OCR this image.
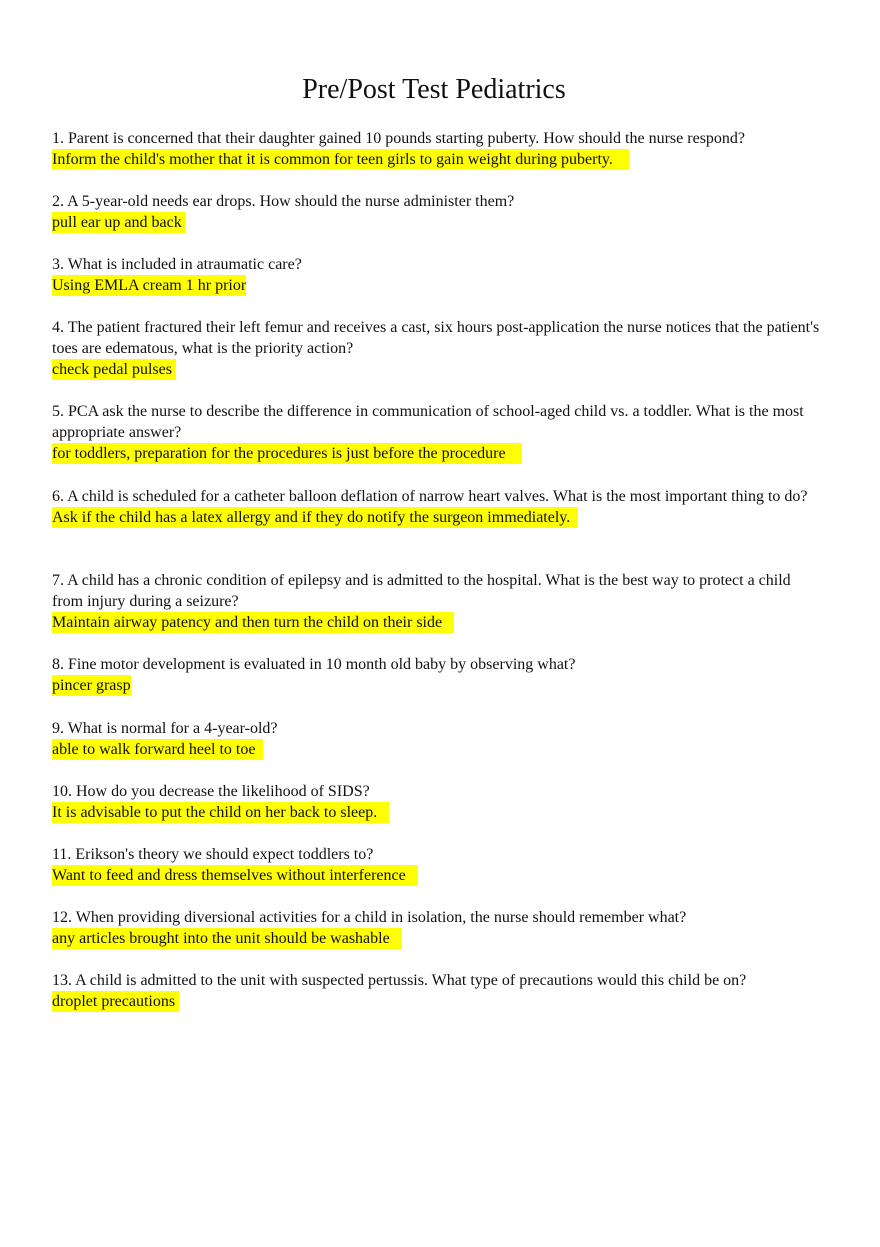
Pre/Post Test Pediatrics

1. Parent is concerned that their daughter gained 10 pounds starting puberty. How should the nurse respond?

Inform the child's mother that it is common for teen girls to gain weight during puberty.

2. A 5-year-old needs ear drops. How should the nurse administer them?

pull ear up and back

3. What is included in atraumatic care?

Using EMLA cream 1 hr prior

4. The patient fractured their left femur and receives a cast, six hours post-application the nurse notices that the patient's toes are edematous, what is the priority action?

check pedal pulses

5. PCA ask the nurse to describe the difference in communication of school-aged child vs. a toddler. What is the most appropriate answer?

for toddlers, preparation for the procedures is just before the procedure

6. A child is scheduled for a catheter balloon deflation of narrow heart valves. What is the most important thing to do?

Ask if the child has a latex allergy and if they do notify the surgeon immediately.

7. A child has a chronic condition of epilepsy and is admitted to the hospital. What is the best way to protect a child from injury during a seizure?

Maintain airway patency and then turn the child on their side

8. Fine motor development is evaluated in 10 month old baby by observing what?

pincer grasp

9. What is normal for a 4-year-old?

able to walk forward heel to toe

10. How do you decrease the likelihood of SIDS?

It is advisable to put the child on her back to sleep.

11. Erikson's theory we should expect toddlers to?

Want to feed and dress themselves without interference

12. When providing diversional activities for a child in isolation, the nurse should remember what?

any articles brought into the unit should be washable

13. A child is admitted to the unit with suspected pertussis. What type of precautions would this child be on?

droplet precautions
